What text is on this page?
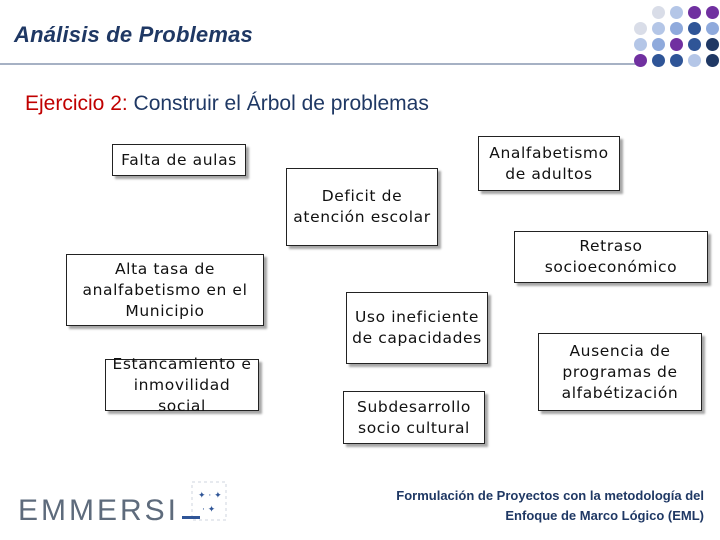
Análisis de Problemas
Ejercicio 2: Construir el Árbol de problemas
Falta de aulas
Deficit de atención escolar
Analfabetismo de adultos
Alta tasa de analfabetismo en el Municipio
Retraso socioeconómico
Uso ineficiente de capacidades
Estancamiento e inmovilidad social
Ausencia de programas de alfabétización
Subdesarrollo socio cultural
EMMERSI ✦ · ✦
· ✦
Formulación de Proyectos con la metodología del
Enfoque de Marco Lógico (EML)
